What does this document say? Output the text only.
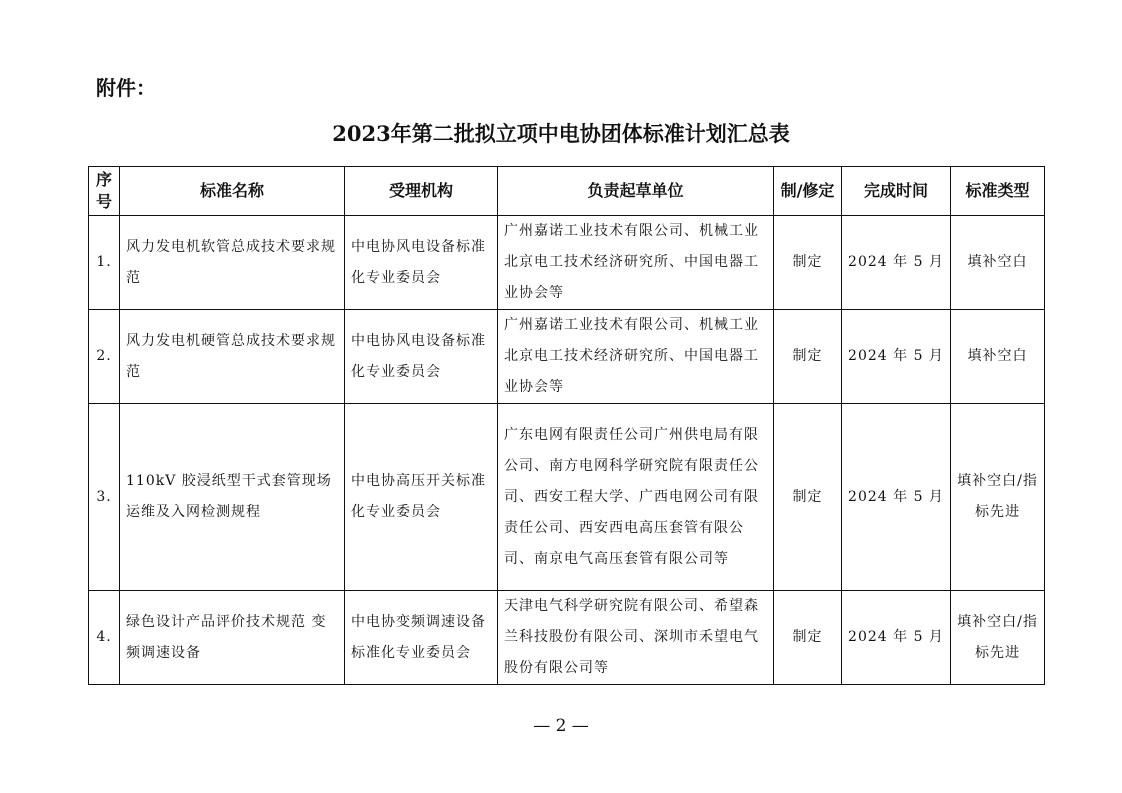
附件：
2023年第二批拟立项中电协团体标准计划汇总表
序号	标准名称	受理机构	负责起草单位	制/修定	完成时间	标准类型
1.	风力发电机软管总成技术要求规范	中电协风电设备标准化专业委员会	广州嘉诺工业技术有限公司、机械工业北京电工技术经济研究所、中国电器工业协会等	制定	2024 年 5 月	填补空白
2.	风力发电机硬管总成技术要求规范	中电协风电设备标准化专业委员会	广州嘉诺工业技术有限公司、机械工业北京电工技术经济研究所、中国电器工业协会等	制定	2024 年 5 月	填补空白
3.	110kV 胶浸纸型干式套管现场运维及入网检测规程	中电协高压开关标准化专业委员会	广东电网有限责任公司广州供电局有限公司、南方电网科学研究院有限责任公司、西安工程大学、广西电网公司有限责任公司、西安西电高压套管有限公司、南京电气高压套管有限公司等	制定	2024 年 5 月	填补空白/指标先进
4.	绿色设计产品评价技术规范 变频调速设备	中电协变频调速设备标准化专业委员会	天津电气科学研究院有限公司、希望森兰科技股份有限公司、深圳市禾望电气股份有限公司等	制定	2024 年 5 月	填补空白/指标先进
— 2 —
